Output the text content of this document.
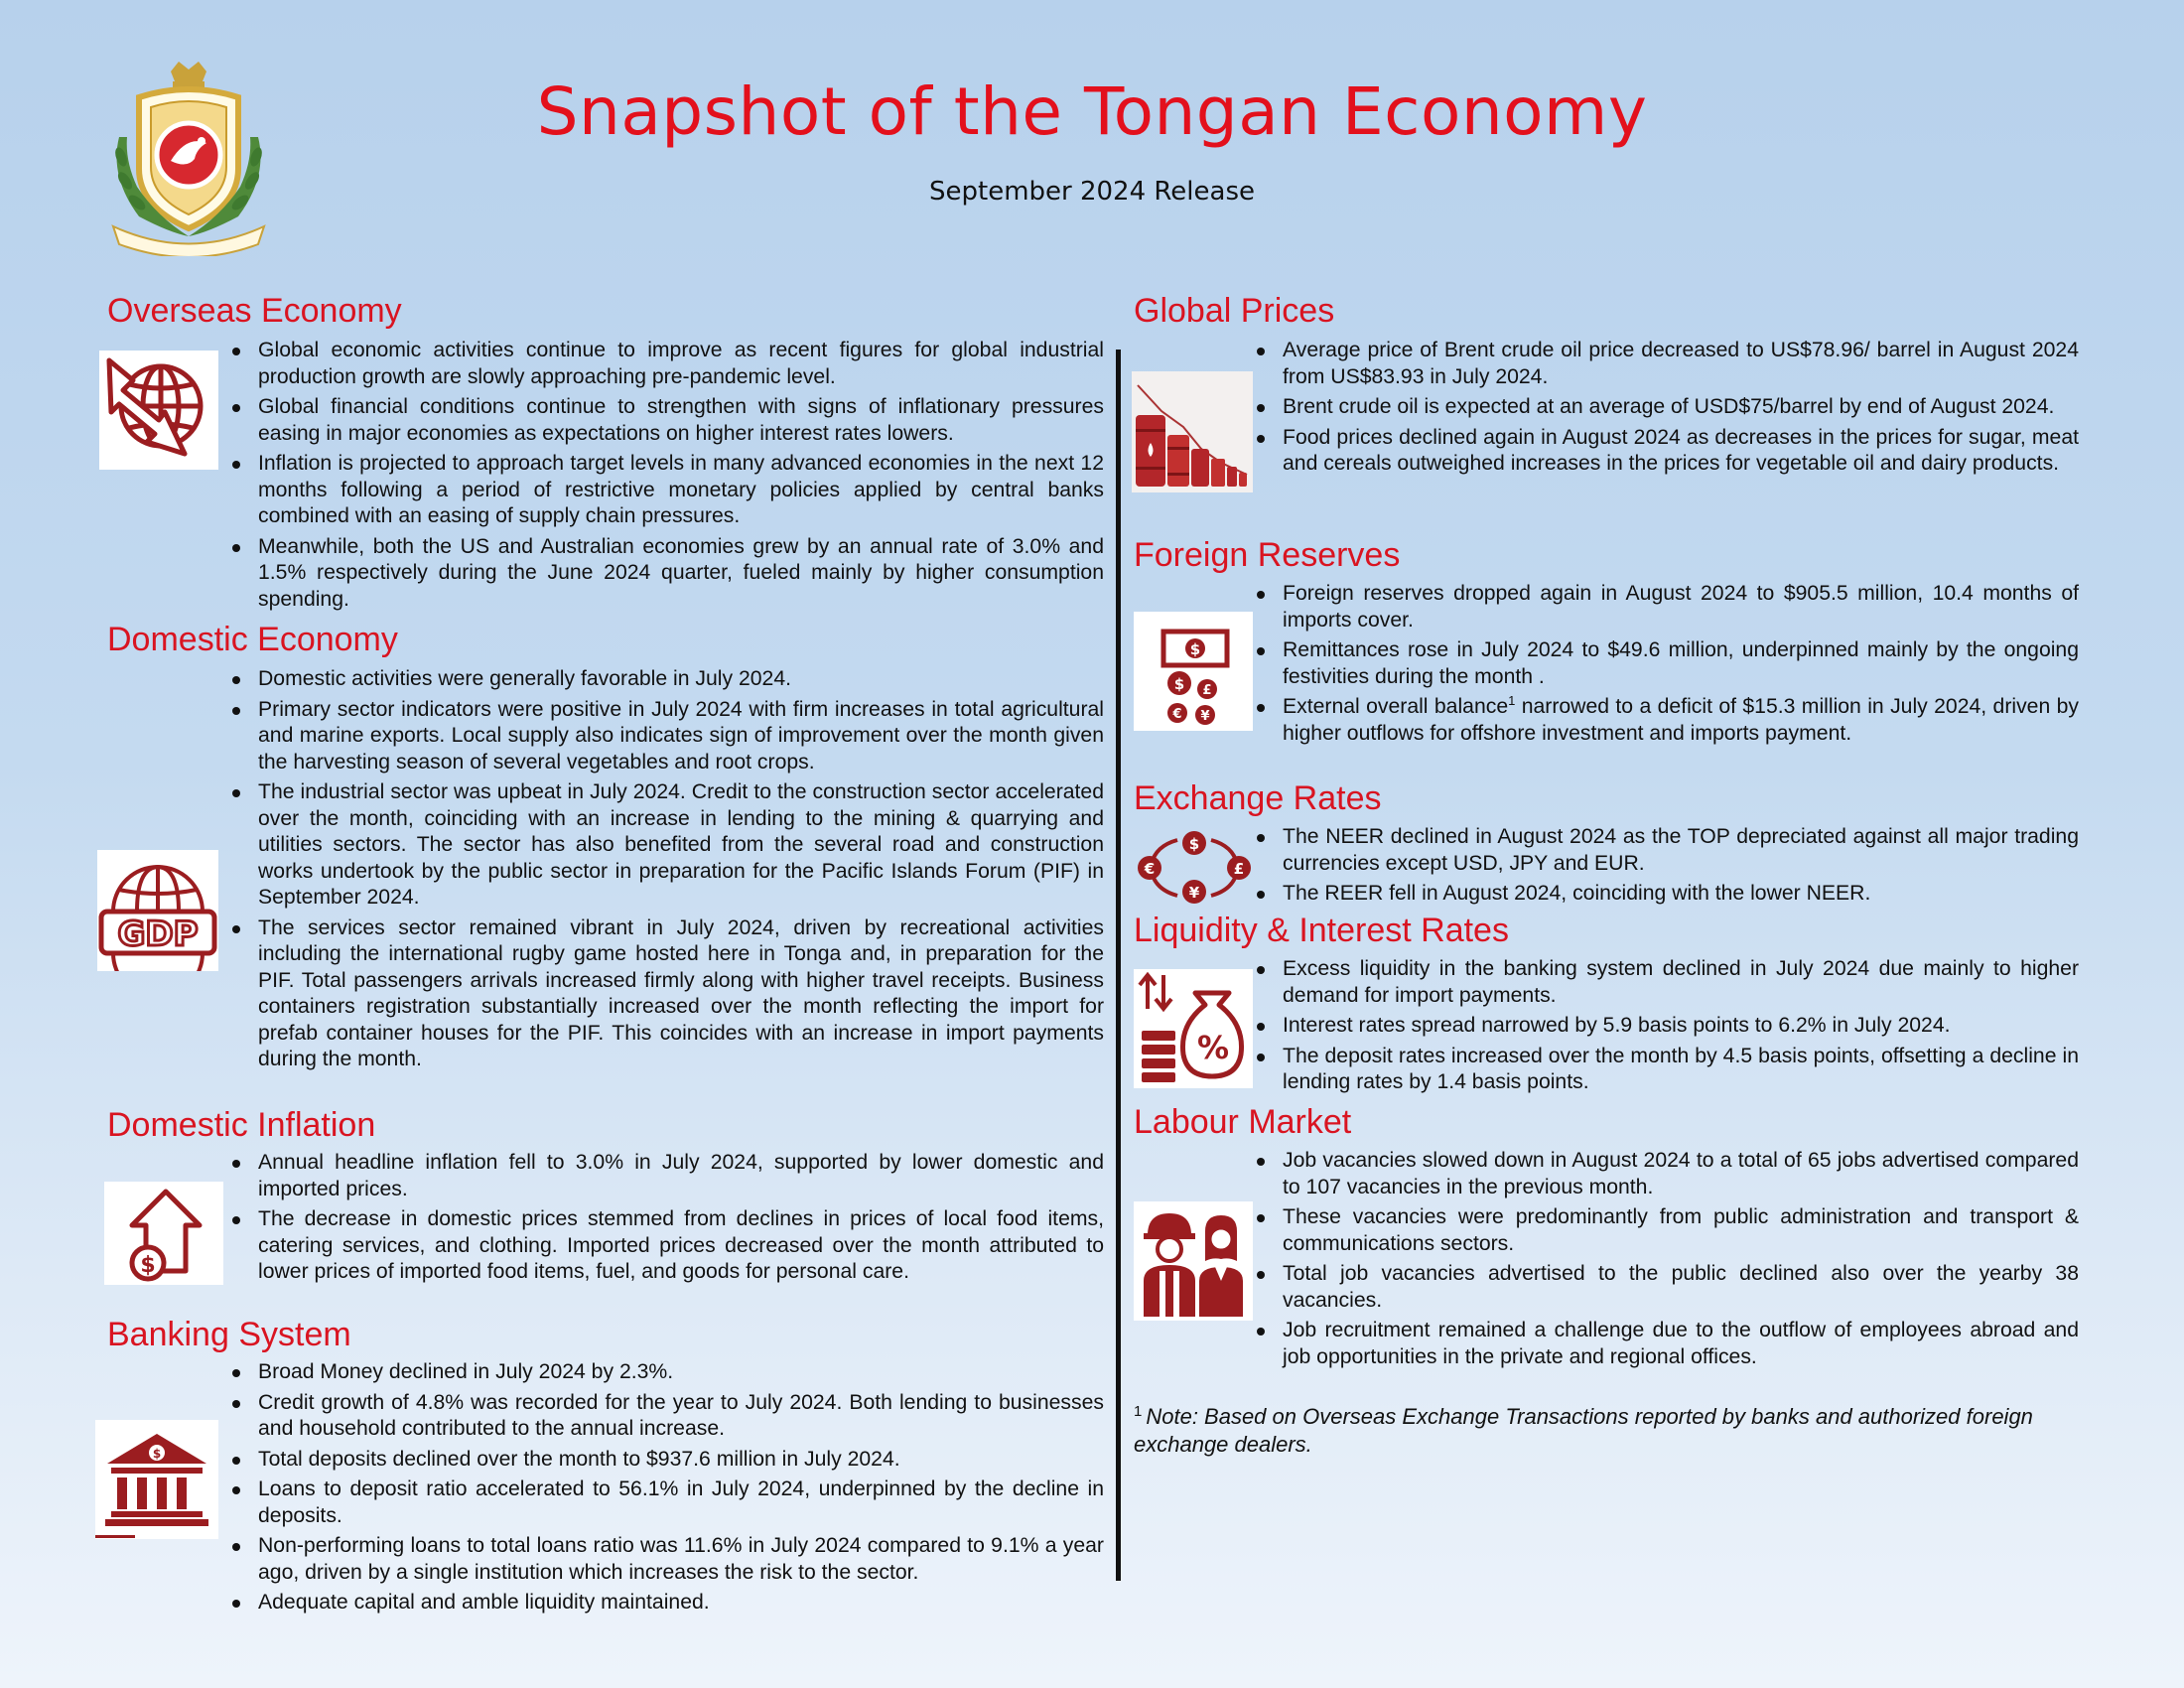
Snapshot of the Tongan Economy
September 2024 Release
Overseas Economy
Global economic activities continue to improve as recent figures for global industrial production growth are slowly approaching pre-pandemic level.
Global financial conditions continue to strengthen with signs of inflationary pressures easing in major economies as expectations on higher interest rates lowers.
Inflation is projected to approach target levels in many advanced economies in the next 12 months following a period of restrictive monetary policies applied by central banks combined with an easing of supply chain pressures.
Meanwhile, both the US and Australian economies grew by an annual rate of 3.0% and 1.5% respectively during the June 2024 quarter, fueled mainly by higher consumption spending.
Domestic Economy
GDP
Domestic activities were generally favorable in July 2024.
Primary sector indicators were positive in July 2024 with firm increases in total agricultural and marine exports. Local supply also indicates sign of improvement over the month given the harvesting season of several vegetables and root crops.
The industrial sector was upbeat in July 2024. Credit to the construction sector accelerated over the month, coinciding with an increase in lending to the mining & quarrying and utilities sectors. The sector has also benefited from the several road and construction works undertook by the public sector in preparation for the Pacific Islands Forum (PIF) in September 2024.
The services sector remained vibrant in July 2024, driven by recreational activities including the international rugby game hosted here in Tonga and, in preparation for the PIF. Total passengers arrivals increased firmly along with higher travel receipts. Business containers registration substantially increased over the month reflecting the import for prefab container houses for the PIF. This coincides with an increase in import payments during the month.
Domestic Inflation
$
Annual headline inflation fell to 3.0% in July 2024, supported by lower domestic and imported prices.
The decrease in domestic prices stemmed from declines in prices of local food items, catering services, and clothing. Imported prices decreased over the month attributed to lower prices of imported food items, fuel, and goods for personal care.
Banking System
$
Broad Money declined in July 2024 by 2.3%.
Credit growth of 4.8% was recorded for the year to July 2024. Both lending to businesses and household contributed to the annual increase.
Total deposits declined over the month to $937.6 million in July 2024.
Loans to deposit ratio accelerated to 56.1% in July 2024, underpinned by the decline in deposits.
Non-performing loans to total loans ratio was 11.6% in July 2024 compared to 9.1% a year ago, driven by a single institution which increases the risk to the sector.
Adequate capital and amble liquidity maintained.
Global Prices
Average price of Brent crude oil price decreased to US$78.96/ barrel in August 2024 from US$83.93 in July 2024.
Brent crude oil is expected at an average of USD$75/barrel by end of August 2024.
Food prices declined again in August 2024 as decreases in the prices for sugar, meat and cereals outweighed increases in the prices for vegetable oil and dairy products.
Foreign Reserves
$
$ £
€ ¥
Foreign reserves dropped again in August 2024 to $905.5 million, 10.4 months of imports cover.
Remittances rose in July 2024 to $49.6 million, underpinned mainly by the ongoing festivities during the month .
External overall balance$^1$ narrowed to a deficit of $15.3 million in July 2024, driven by higher outflows for offshore investment and imports payment.
Exchange Rates
$
€	£
¥
The NEER declined in August 2024 as the TOP depreciated against all major trading currencies except USD, JPY and EUR.
The REER fell in August 2024, coinciding with the lower NEER.
Liquidity & Interest Rates
%
Excess liquidity in the banking system declined in July 2024 due mainly to higher demand for import payments.
Interest rates spread narrowed by 5.9 basis points to 6.2% in July 2024.
The deposit rates increased over the month by 4.5 basis points, offsetting a decline in lending rates by 1.4 basis points.
Labour Market
Job vacancies slowed down in August 2024 to a total of 65 jobs advertised compared to 107 vacancies in the previous month.
These vacancies were predominantly from public administration and transport & communications sectors.
Total job vacancies advertised to the public declined also over the yearby 38 vacancies.
Job recruitment remained a challenge due to the outflow of employees abroad and job opportunities in the private and regional offices.
$^1$ Note: Based on Overseas Exchange Transactions reported by banks and authorized foreign exchange dealers.
